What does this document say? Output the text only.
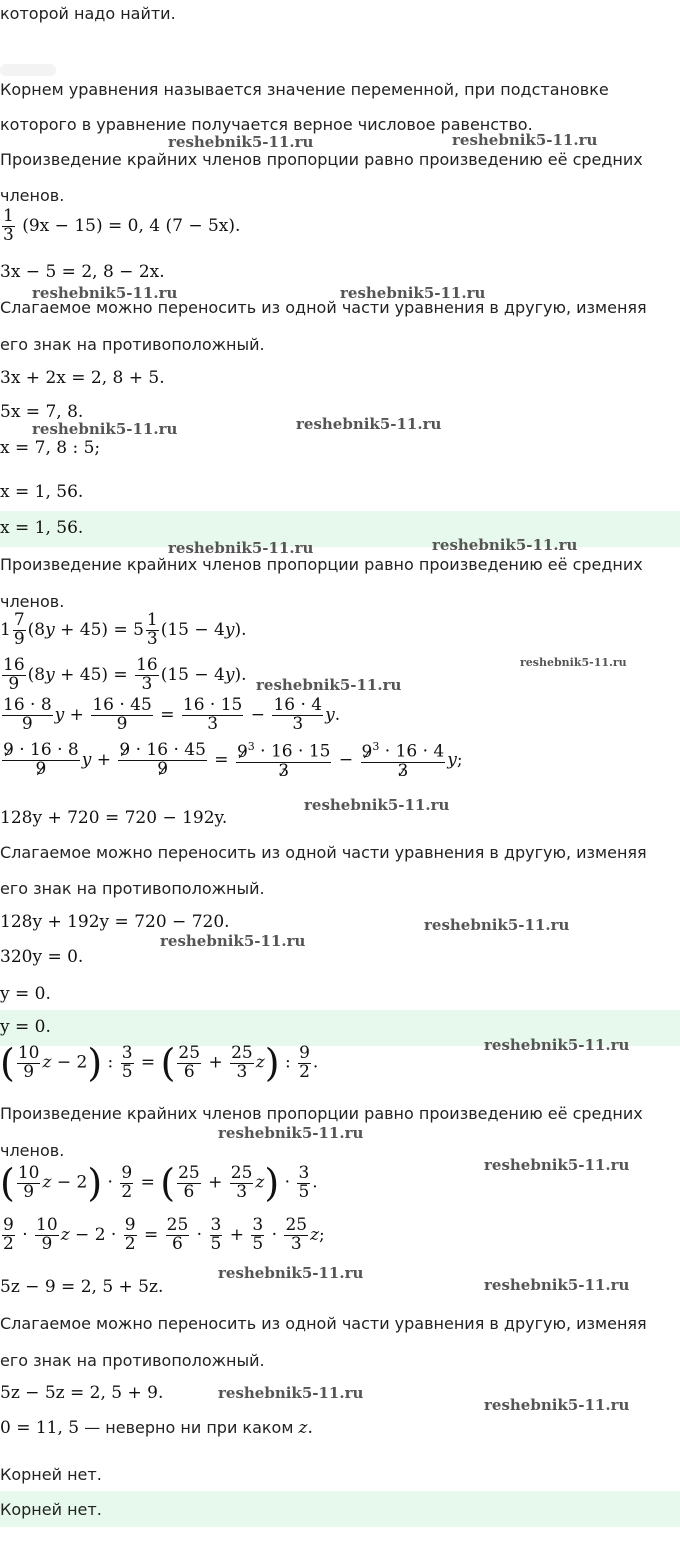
которой надо найти.
Корнем уравнения называется значение переменной, при подстановке
которого в уравнение получается верное числовое равенство.
Произведение крайних членов пропорции равно произведению её средних
членов.
$\frac{1}{3} (9x - 15) = 0$, 4 (7 − 5x).
3x − 5 = 2, 8 − 2x.
Слагаемое можно переносить из одной части уравнения в другую, изменяя
его знак на противоположный.
3x + 2x = 2, 8 + 5.
5x = 7, 8.
x = 7, 8 : 5;
x = 1, 56.
x = 1, 56.
Произведение крайних членов пропорции равно произведению её средних
членов.
$1 \frac{7}{9} (8y + 45) = 5 \frac{1}{3} (15 - 4y)$.
$\frac{16}{9} (8y + 45) = \frac{16}{3} (15 - 4y)$.
$\frac{16 \cdot 8}{9}$ $y + \frac{16 \cdot 45}{9} = \frac{16 \cdot 15}{3} - \frac{16 \cdot 4}{3} y$.
$\frac{9 \cdot 16 \cdot 8}{9}$ $y + \frac{9 \cdot 16 \cdot 45}{9} = \frac{9^3 \cdot 16 \cdot 15}{3} - \frac{9^3 \cdot 16 \cdot 4}{3} y$;
128y + 720 = 720 − 192y.
Слагаемое можно переносить из одной части уравнения в другую, изменяя
его знак на противоположный.
128y + 192y = 720 − 720.
320y = 0.
y = 0.
y = 0.
( $\frac{10}{9}$ z − 2) : $\frac{3}{5}$ = ( $\frac{25}{6} + \frac{25}{3} z$) : $\frac{9}{2}$ .
Произведение крайних членов пропорции равно произведению её средних
членов.
( $\frac{10}{9}$ $z - 2) \cdot \frac{9}{2}$ = ( $\frac{25}{6} + \frac{25}{3} z) \cdot \frac{3}{5}$ .
$\frac{9}{2} \cdot \frac{10}{9}$ $z - 2 \cdot \frac{9}{2} = \frac{25}{6} \cdot \frac{3}{5} + \frac{3}{5} \cdot \frac{25}{3} z$;
5z − 9 = 2, 5 + 5z.
Слагаемое можно переносить из одной части уравнения в другую, изменяя
его знак на противоположный.
5z − 5z = 2, 5 + 9.
0 = 11, 5 — неверно ни при каком z.
Корней нет.
Корней нет.
reshebnik5-11.ru	reshebnik5-11.ru
reshebnik5-11.ru	reshebnik5-11.ru
reshebnik5-11.ru	reshebnik5-11.ru
reshebnik5-11.ru	reshebnik5-11.ru
reshebnik5-11.ru
reshebnik5-11.ru
reshebnik5-11.ru
reshebnik5-11.ru
reshebnik5-11.ru
reshebnik5-11.ru
reshebnik5-11.ru
reshebnik5-11.ru
reshebnik5-11.ru
reshebnik5-11.ru
reshebnik5-11.ru
reshebnik5-11.ru
